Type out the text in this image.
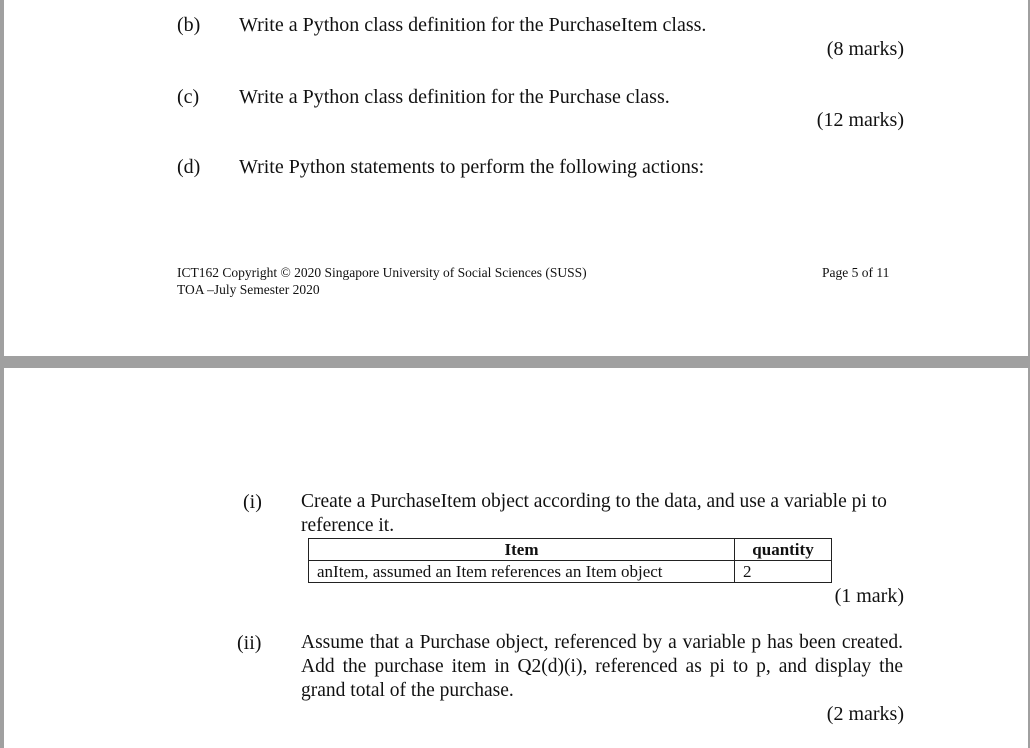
(b) Write a Python class definition for the PurchaseItem class.
(8 marks)
(c) Write a Python class definition for the Purchase class.
(12 marks)
(d) Write Python statements to perform the following actions:
ICT162 Copyright © 2020 Singapore University of Social Sciences (SUSS)
TOA –July Semester 2020
Page 5 of 11
(i) Create a PurchaseItem object according to the data, and use a variable pi to reference it.
Item	quantity
anItem, assumed an Item references an Item object	2
(1 mark)
(ii) Assume that a Purchase object, referenced by a variable p has been created. Add the purchase item in Q2(d)(i), referenced as pi to p, and display the grand total of the purchase.
(2 marks)
